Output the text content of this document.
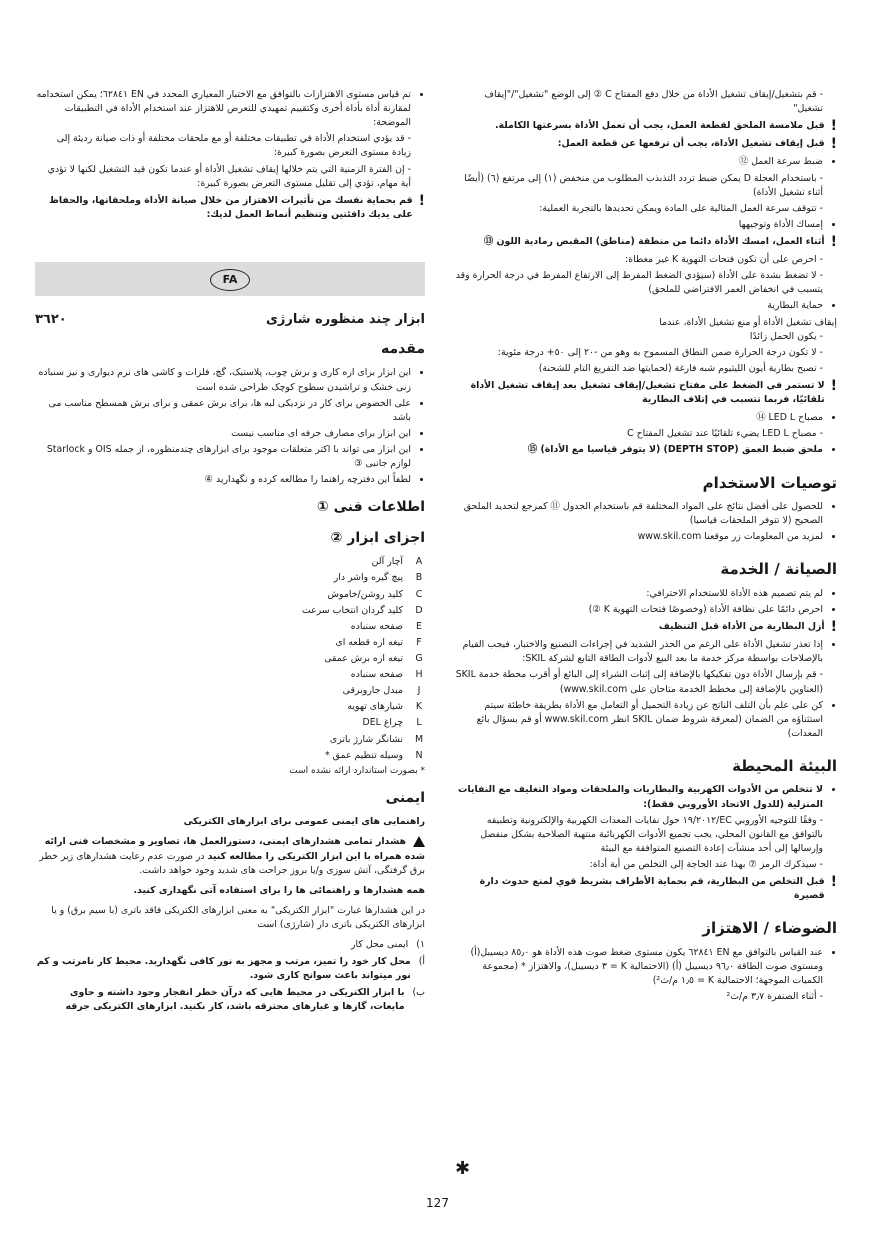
- قم بتشغيل/إيقاف تشغيل الأداة من خلال دفع المفتاح C ② إلى الوضع "تشغيل"/"إيقاف تشغيل"
!
قبل ملامسة الملحق لقطعة العمل، يجب أن تعمل الأداة بسرعتها الكاملة.
!
قبل إيقاف تشغيل الأداة، يجب أن ترفعها عن قطعة العمل:
• ضبط سرعة العمل ⑫
- باستخدام العجلة D يمكن ضبط تردد التذبذب المطلوب من منخفض (١) إلى مرتفع (٦) (أيضًا أثناء تشغيل الأداة)
- تتوقف سرعة العمل المثالية على المادة ويمكن تحديدها بالتجربة العملية:
• إمساك الأداة وتوجيهها
!
أثناء العمل، امسك الأداة دائما من منطقة (مناطق) المقبض رمادية اللون ⑬
- احرص على أن تكون فتحات التهوية K غير مغطاة:
- لا تضغط بشدة على الأداة (سيؤدي الضغط المفرط إلى الارتفاع المفرط في درجة الحرارة وقد يتسبب في انخفاض العمر الافتراضي للملحق)
• حماية البطارية
إيقاف تشغيل الأداة أو منع تشغيل الأداة، عندما
- يكون الحمل زائدًا
- لا تكون درجة الحرارة ضمن النطاق المسموح به وهو من -٢٠ إلى ٥٠+ درجة مئوية:
- تصبح بطارية أيون الليثيوم شبه فارغة (لحمايتها ضد التفريغ التام للشحنة)
!
لا تستمر في الضغط على مفتاح تشغيل/إيقاف تشغيل بعد إيقاف تشغيل الأداة تلقائيًا، فربما تتسبب في إتلاف البطارية
• مصباح LED L ⑭
- مصباح LED L يضيء تلقائيًا عند تشغيل المفتاح C
• ملحق ضبط العمق (DEPTH STOP) (لا يتوفر قياسيا مع الأداة) ⑮
توصيات الاستخدام
• للحصول على أفضل نتائج على المواد المختلفة قم باستخدام الجدول ⑪ كمرجع لتحديد الملحق الصحيح (لا تتوفر الملحقات قياسيا)
• لمزيد من المعلومات زر موقعنا www.skil.com
الصيانة / الخدمة
• لم يتم تصميم هذه الأداة للاستخدام الاحترافي:
• احرص دائمًا على نظافة الأداة (وخصوصًا فتحات التهوية K ②)
!
أزل البطارية من الأداة قبل التنظيف
• إذا تعذر تشغيل الأداة على الرغم من الحذر الشديد في إجراءات التصنيع والاختبار، فيجب القيام بالإصلاحات بواسطة مركز خدمة ما بعد البيع لأدوات الطاقة التابع لشركة SKIL:
- قم بإرسال الأداة دون تفكيكها بالإضافة إلى إثبات الشراء إلى البائع أو أقرب محطة خدمة SKIL (العناوين بالإضافة إلى مخطط الخدمة متاحان على www.skil.com)
• كن على علم بأن التلف الناتج عن زيادة التحميل أو التعامل مع الأداة بطريقة خاطئة سيتم استثناؤه من الضمان (لمعرفة شروط ضمان SKIL انظر www.skil.com أو قم بسؤال بائع المعدات)
البيئة المحيطة
• لا تتخلص من الأدوات الكهربية والبطاريات والملحقات ومواد التغليف مع النفايات المنزلية (للدول الاتحاد الأوروبي فقط):
- وفقًا للتوجيه الأوروبي EC/١٩/٢٠١٢ حول نفايات المعدات الكهربية والإلكترونية وتطبيقه بالتوافق مع القانون المحلي، يجب تجميع الأدوات الكهربائية منتهية الصلاحية بشكل منفصل وإرسالها إلى أحد منشآت إعادة التصنيع المتوافقة مع البيئة
- سيذكرك الرمز ⑦ بهذا عند الحاجة إلى التخلص من أية أداة:
!
قبل التخلص من البطارية، قم بحماية الأطراف بشريط قوي لمنع حدوث دارة قصيرة
الضوضاء / الاهتزاز
• عند القياس بالتوافق مع EN ٦٢٨٤١ يكون مستوى ضغط صوت هذه الأداة هو ٨٥٫٠ ديسيبل(أ) ومستوى صوت الطاقة ٩٦٫٠ ديسيبل (أ) (الاحتمالية K = ٣ ديسيبل)، والاهتزاز * (مجموعة الكميات الموجهة؛ الاحتمالية K = ١٫٥ م/ث²)
- أثناء الصنفرة ٣٫٧ م/ث²
✱
• تم قياس مستوى الاهتزازات بالتوافق مع الاختبار المعياري المحدد في EN ٦٢٨٤١؛ يمكن استخدامه لمقارنة أداة بأداة أخرى وكتقييم تمهيدي للتعرض للاهتزاز عند استخدام الأداة في التطبيقات الموضحة:
- قد يؤدي استخدام الأداة في تطبيقات مختلفة أو مع ملحقات مختلفة أو ذات صيانة رديئة إلى زيادة مستوى التعرض بصورة كبيرة:
- إن الفترة الزمنية التي يتم خلالها إيقاف تشغيل الأداة أو عندما تكون قيد التشغيل لكنها لا تؤدي أية مهام، تؤدي إلى تقليل مستوى التعرض بصورة كبيرة:
!
قم بحماية نفسك من تأثيرات الاهتزاز من خلال صيانة الأداة وملحقاتها، والحفاظ على يديك دافئتين وتنظيم أنماط العمل لديك:
FA
ابزار چند منظوره شارژی
٣٦٢٠
مقدمه
• این ابزار برای اره کاری و برش چوب، پلاستیک، گچ، فلزات و کاشی های نرم دیواری و نیز سنباده زنی خشک و تراشیدن سطوح کوچک طراحی شده است
• علی الخصوص برای کار در نزدیکی لبه ها، برای برش عمقی و برای برش همسطح مناسب می باشد
• این ابزار برای مصارف حرفه ای مناسب نیست
• این ابزار می تواند با اکثر متعلقات موجود برای ابزارهای چندمنظوره، از جمله OIS و Starlock لوازم جانبی ③
• لطفاً این دفترچه راهنما را مطالعه کرده و نگهدارید ④
اطلاعات فنی ①
اجزای ابزار ②
A
آچار آلن
B
پیچ گیره واشر دار
C
کلید روشن/خاموش
D
کلید گردان انتخاب سرعت
E
صفحه سنباده
F
تیغه اره قطعه ای
G
تیغه اره برش عمقی
H
صفحه سنباده
J
مبدل جاروبرقی
K
شیارهای تهویه
L
چراغ DEL
M
نشانگر شارژ باتری
N
وسیله تنظیم عمق *
* بصورت استاندارد ارائه نشده است
ایمنی
راهنمایی های ایمنی عمومی برای ابزارهای الکتریکی
هشدار تمامی هشدارهای ایمنی، دستورالعمل ها، تصاویر و مشخصات فنی ارائه شده همراه با این ابزار الکتریکی را مطالعه کنید در صورت عدم رعایت هشدارهای زیر خطر برق گرفتگی، آتش سوزی و/یا بروز جراحت های شدید وجود خواهد داشت.
همه هشدارها و راهنمائی ها را برای استفاده آتی نگهداری کنید.
در این هشدارها عبارت "ابزار الکتریکی" به معنی ابزارهای الکتریکی فاقد باتری (با سیم برق) و یا ابزارهای الکتریکی باتری دار (شارژی) است
١)
ایمنی محل کار
أ)
محل کار خود را تمیز، مرتب و مجهز به نور کافی نگهدارید. محیط کار نامرتب و کم نور میتواند باعث سوانح کاری شود.
ب)
با ابزار الکتریکی در محیط هایی که درآن خطر انفجار وجود داشته و حاوی مایعات، گازها و غبارهای محترقه باشد، کار نکنید. ابزارهای الکتریکی جرقه
127
